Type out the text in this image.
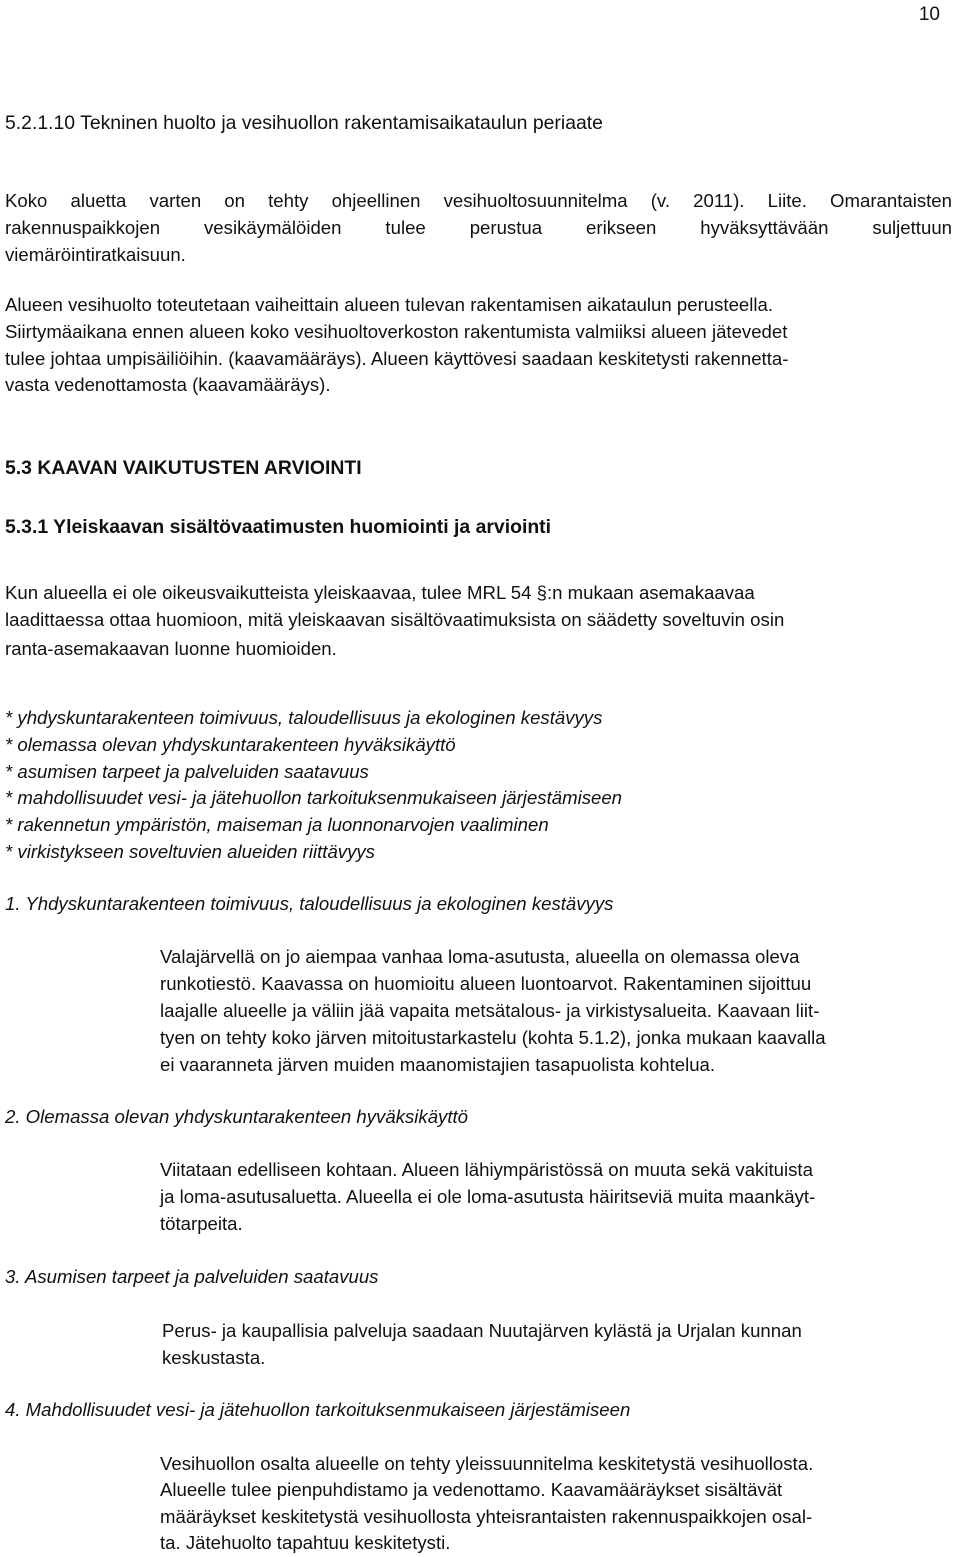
10
5.2.1.10 Tekninen huolto ja vesihuollon rakentamisaikataulun periaate
Koko aluetta varten on tehty ohjeellinen vesihuoltosuunnitelma (v. 2011). Liite. Omarantaisten
rakennuspaikkojen vesikäymälöiden tulee perustua erikseen hyväksyttävään suljettuun
viemäröintiratkaisuun.
Alueen vesihuolto toteutetaan vaiheittain alueen tulevan rakentamisen aikataulun perusteella.
Siirtymäaikana ennen alueen koko vesihuoltoverkoston rakentumista valmiiksi alueen jätevedet
tulee johtaa umpisäiliöihin. (kaavamääräys). Alueen käyttövesi saadaan keskitetysti rakennetta-
vasta vedenottamosta (kaavamääräys).
5.3 KAAVAN VAIKUTUSTEN ARVIOINTI
5.3.1 Yleiskaavan sisältövaatimusten huomiointi ja arviointi
Kun alueella ei ole oikeusvaikutteista yleiskaavaa, tulee MRL 54 §:n mukaan asemakaavaa
laadittaessa ottaa huomioon, mitä yleiskaavan sisältövaatimuksista on säädetty soveltuvin osin
ranta-asemakaavan luonne huomioiden.
* yhdyskuntarakenteen toimivuus, taloudellisuus ja ekologinen kestävyys
* olemassa olevan yhdyskuntarakenteen hyväksikäyttö
* asumisen tarpeet ja palveluiden saatavuus
* mahdollisuudet vesi- ja jätehuollon tarkoituksenmukaiseen järjestämiseen
* rakennetun ympäristön, maiseman ja luonnonarvojen vaaliminen
* virkistykseen soveltuvien alueiden riittävyys
1. Yhdyskuntarakenteen toimivuus, taloudellisuus ja ekologinen kestävyys
Valajärvellä on jo aiempaa vanhaa loma-asutusta, alueella on olemassa oleva
runkotiestö. Kaavassa on huomioitu alueen luontoarvot. Rakentaminen sijoittuu
laajalle alueelle ja väliin jää vapaita metsätalous- ja virkistysalueita. Kaavaan liit-
tyen on tehty koko järven mitoitustarkastelu (kohta 5.1.2), jonka mukaan kaavalla
ei vaaranneta järven muiden maanomistajien tasapuolista kohtelua.
2. Olemassa olevan yhdyskuntarakenteen hyväksikäyttö
Viitataan edelliseen kohtaan. Alueen lähiympäristössä on muuta sekä vakituista
ja loma-asutusaluetta. Alueella ei ole loma-asutusta häiritseviä muita maankäyt-
tötarpeita.
3. Asumisen tarpeet ja palveluiden saatavuus
Perus- ja kaupallisia palveluja saadaan Nuutajärven kylästä ja Urjalan kunnan
keskustasta.
4. Mahdollisuudet vesi- ja jätehuollon tarkoituksenmukaiseen järjestämiseen
Vesihuollon osalta alueelle on tehty yleissuunnitelma keskitetystä vesihuollosta.
Alueelle tulee pienpuhdistamo ja vedenottamo. Kaavamääräykset sisältävät
määräykset keskitetystä vesihuollosta yhteisrantaisten rakennuspaikkojen osal-
ta. Jätehuolto tapahtuu keskitetysti.
